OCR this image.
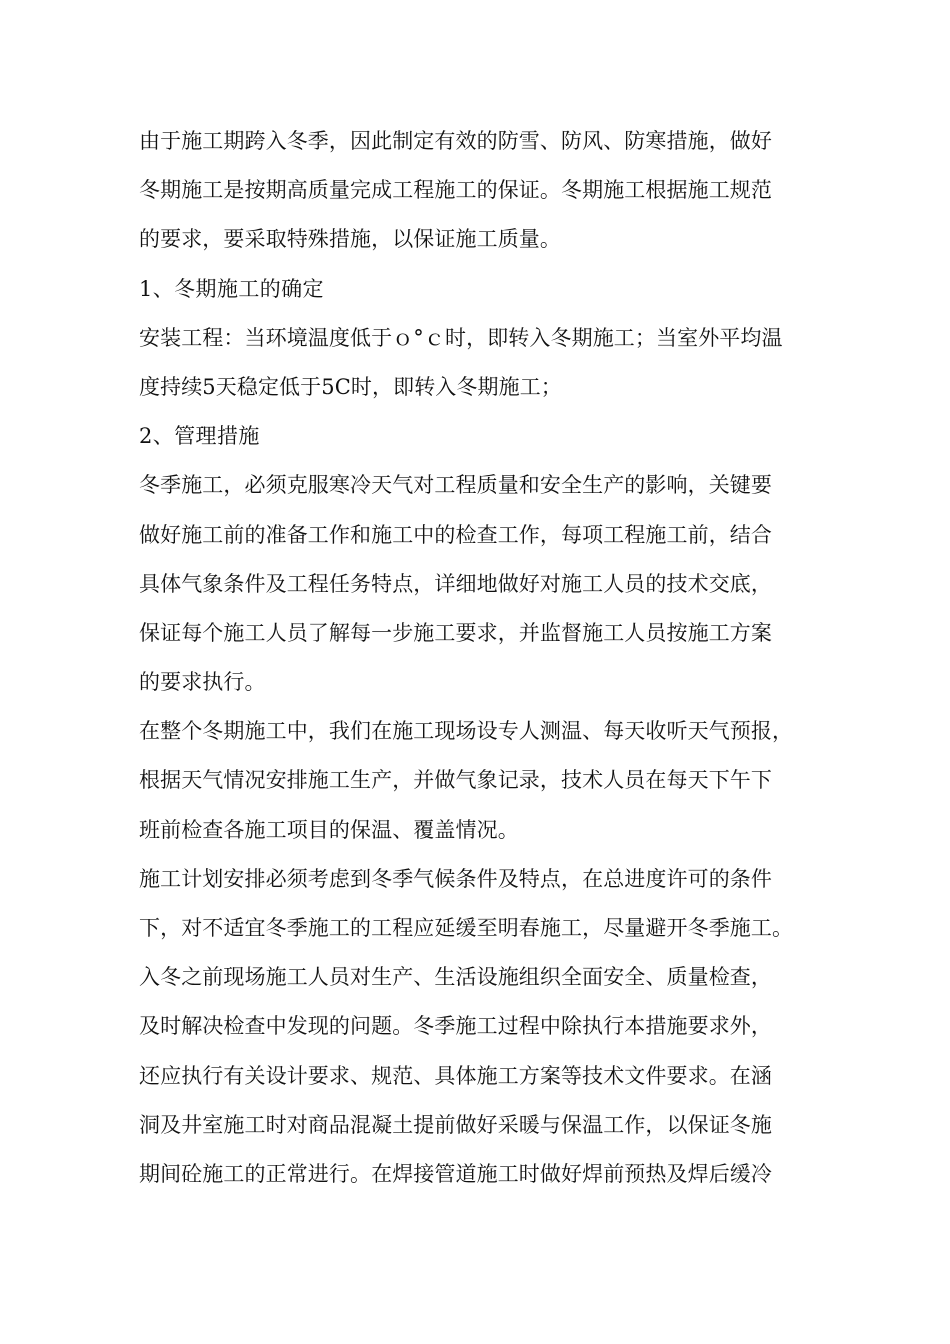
由于施工期跨入冬季，因此制定有效的防雪、防风、防寒措施，做好
冬期施工是按期高质量完成工程施工的保证。冬期施工根据施工规范
的要求，要采取特殊措施，以保证施工质量。
1、冬期施工的确定
安装工程：当环境温度低于ｏ°ｃ时，即转入冬期施工；当室外平均温
度持续5天稳定低于5C时，即转入冬期施工；
2、管理措施
冬季施工，必须克服寒冷天气对工程质量和安全生产的影响，关键要
做好施工前的准备工作和施工中的检查工作，每项工程施工前，结合
具体气象条件及工程任务特点，详细地做好对施工人员的技术交底，
保证每个施工人员了解每一步施工要求，并监督施工人员按施工方案
的要求执行。
在整个冬期施工中，我们在施工现场设专人测温、每天收听天气预报，
根据天气情况安排施工生产，并做气象记录，技术人员在每天下午下
班前检查各施工项目的保温、覆盖情况。
施工计划安排必须考虑到冬季气候条件及特点，在总进度许可的条件
下，对不适宜冬季施工的工程应延缓至明春施工，尽量避开冬季施工。
入冬之前现场施工人员对生产、生活设施组织全面安全、质量检查，
及时解决检查中发现的问题。冬季施工过程中除执行本措施要求外，
还应执行有关设计要求、规范、具体施工方案等技术文件要求。在涵
洞及井室施工时对商品混凝土提前做好采暖与保温工作，以保证冬施
期间砼施工的正常进行。在焊接管道施工时做好焊前预热及焊后缓冷
